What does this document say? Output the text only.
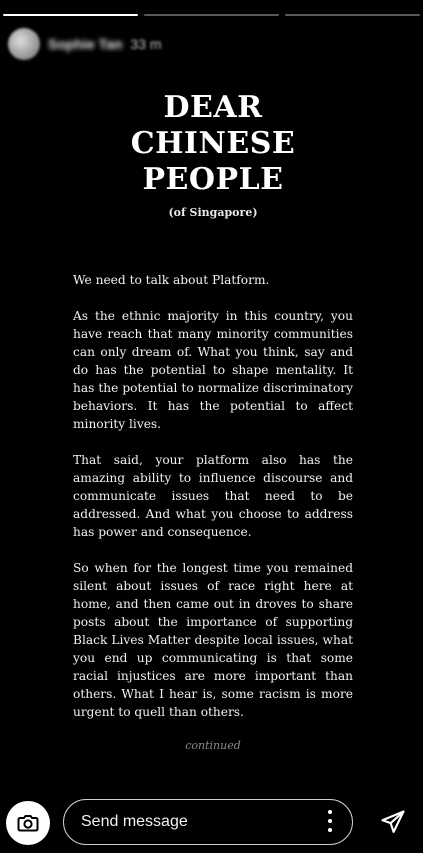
Sophie Tan 33 m
DEAR
CHINESE
PEOPLE
(of Singapore)

We need to talk about Platform.

As the ethnic majority in this country, you have reach that many minority communities can only dream of. What you think, say and do has the potential to shape mentality. It has the potential to normalize discriminatory behaviors. It has the potential to affect minority lives.

That said, your platform also has the amazing ability to influence discourse and communicate issues that need to be addressed. And what you choose to address has power and consequence.

So when for the longest time you remained silent about issues of race right here at home, and then came out in droves to share posts about the importance of supporting Black Lives Matter despite local issues, what you end up communicating is that some racial injustices are more important than others. What I hear is, some racism is more urgent to quell than others.

continued
Send message
